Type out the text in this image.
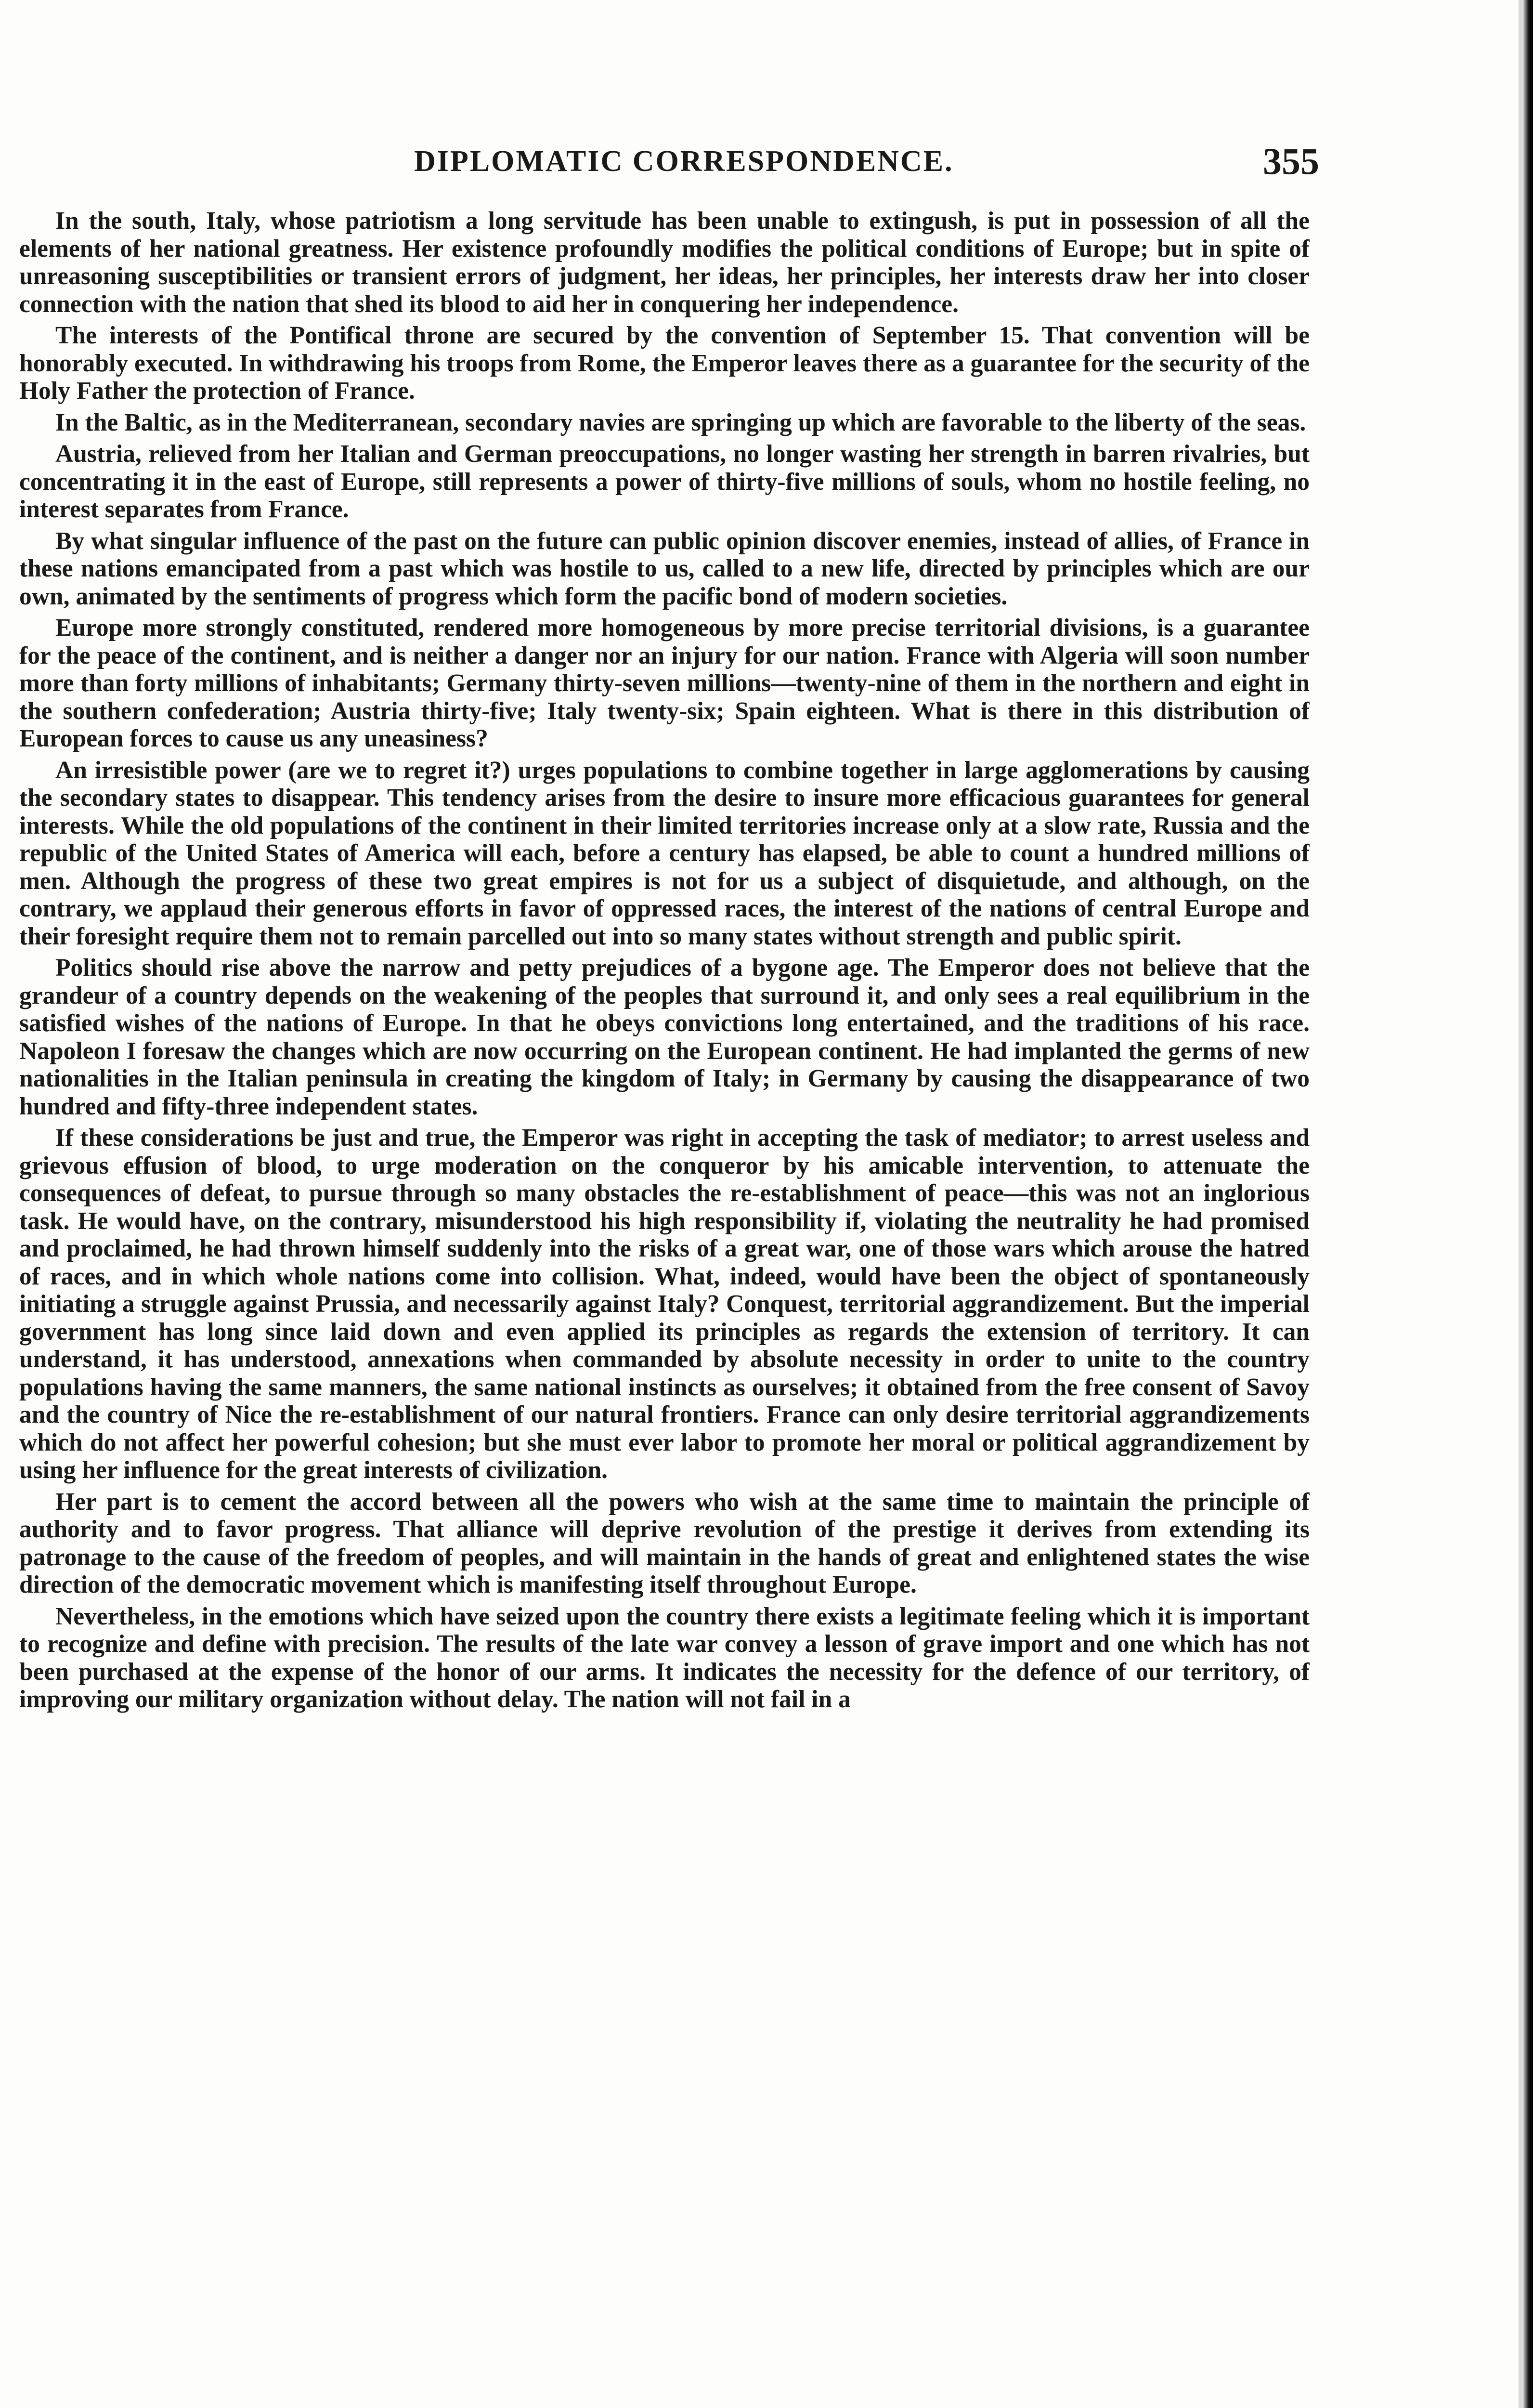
DIPLOMATIC CORRESPONDENCE.	355

In the south, Italy, whose patriotism a long servitude has been unable to extingush, is put in possession of all the elements of her national greatness. Her existence profoundly modifies the political conditions of Europe; but in spite of unreasoning susceptibilities or transient errors of judgment, her ideas, her principles, her interests draw her into closer connection with the nation that shed its blood to aid her in conquering her independence.

The interests of the Pontifical throne are secured by the convention of September 15. That convention will be honorably executed. In withdrawing his troops from Rome, the Emperor leaves there as a guarantee for the security of the Holy Father the protection of France.

In the Baltic, as in the Mediterranean, secondary navies are springing up which are favorable to the liberty of the seas.

Austria, relieved from her Italian and German preoccupations, no longer wasting her strength in barren rivalries, but concentrating it in the east of Europe, still represents a power of thirty-five millions of souls, whom no hostile feeling, no interest separates from France.

By what singular influence of the past on the future can public opinion discover enemies, instead of allies, of France in these nations emancipated from a past which was hostile to us, called to a new life, directed by principles which are our own, animated by the sentiments of progress which form the pacific bond of modern societies.

Europe more strongly constituted, rendered more homogeneous by more precise territorial divisions, is a guarantee for the peace of the continent, and is neither a danger nor an injury for our nation. France with Algeria will soon number more than forty millions of inhabitants; Germany thirty-seven millions—twenty-nine of them in the northern and eight in the southern confederation; Austria thirty-five; Italy twenty-six; Spain eighteen. What is there in this distribution of European forces to cause us any uneasiness?

An irresistible power (are we to regret it?) urges populations to combine together in large agglomerations by causing the secondary states to disappear. This tendency arises from the desire to insure more efficacious guarantees for general interests. While the old populations of the continent in their limited territories increase only at a slow rate, Russia and the republic of the United States of America will each, before a century has elapsed, be able to count a hundred millions of men. Although the progress of these two great empires is not for us a subject of disquietude, and although, on the contrary, we applaud their generous efforts in favor of oppressed races, the interest of the nations of central Europe and their foresight require them not to remain parcelled out into so many states without strength and public spirit.

Politics should rise above the narrow and petty prejudices of a bygone age. The Emperor does not believe that the grandeur of a country depends on the weakening of the peoples that surround it, and only sees a real equilibrium in the satisfied wishes of the nations of Europe. In that he obeys convictions long entertained, and the traditions of his race. Napoleon I foresaw the changes which are now occurring on the European continent. He had implanted the germs of new nationalities in the Italian peninsula in creating the kingdom of Italy; in Germany by causing the disappearance of two hundred and fifty-three independent states.

If these considerations be just and true, the Emperor was right in accepting the task of mediator; to arrest useless and grievous effusion of blood, to urge moderation on the conqueror by his amicable intervention, to attenuate the consequences of defeat, to pursue through so many obstacles the re-establishment of peace—this was not an inglorious task. He would have, on the contrary, misunderstood his high responsibility if, violating the neutrality he had promised and proclaimed, he had thrown himself suddenly into the risks of a great war, one of those wars which arouse the hatred of races, and in which whole nations come into collision. What, indeed, would have been the object of spontaneously initiating a struggle against Prussia, and necessarily against Italy? Conquest, territorial aggrandizement. But the imperial government has long since laid down and even applied its principles as regards the extension of territory. It can understand, it has understood, annexations when commanded by absolute necessity in order to unite to the country populations having the same manners, the same national instincts as ourselves; it obtained from the free consent of Savoy and the country of Nice the re-establishment of our natural frontiers. France can only desire territorial aggrandizements which do not affect her powerful cohesion; but she must ever labor to promote her moral or political aggrandizement by using her influence for the great interests of civilization.

Her part is to cement the accord between all the powers who wish at the same time to maintain the principle of authority and to favor progress. That alliance will deprive revolution of the prestige it derives from extending its patronage to the cause of the freedom of peoples, and will maintain in the hands of great and enlightened states the wise direction of the democratic movement which is manifesting itself throughout Europe.

Nevertheless, in the emotions which have seized upon the country there exists a legitimate feeling which it is important to recognize and define with precision. The results of the late war convey a lesson of grave import and one which has not been purchased at the expense of the honor of our arms. It indicates the necessity for the defence of our territory, of improving our military organization without delay. The nation will not fail in a
